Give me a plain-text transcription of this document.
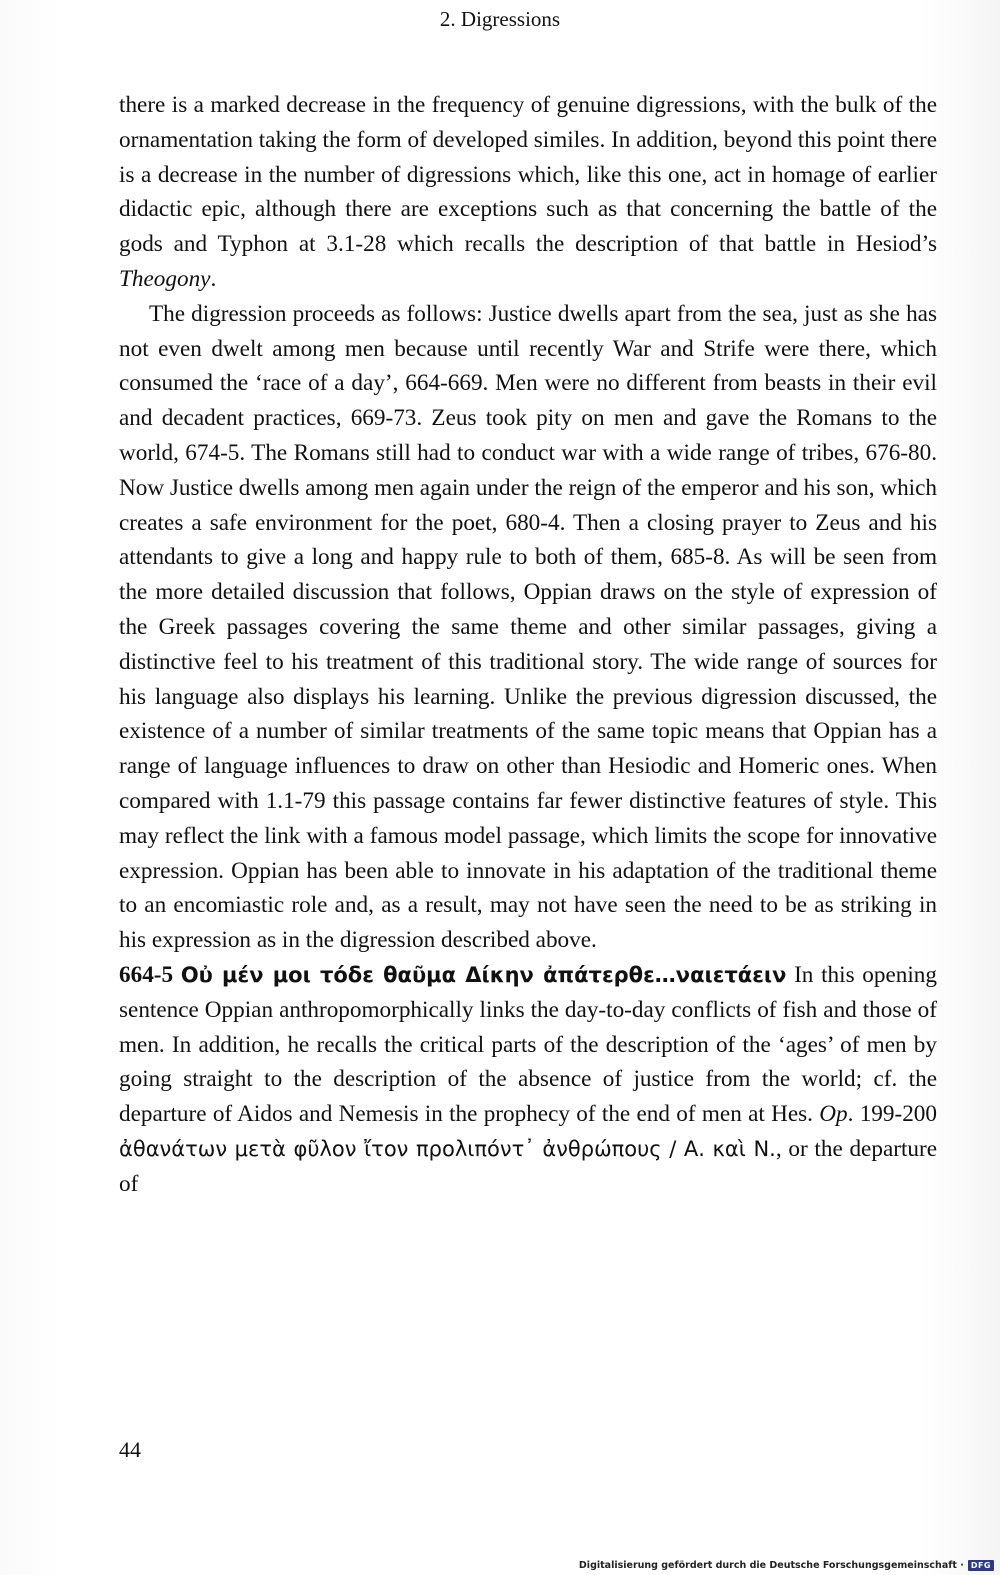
2. Digressions

there is a marked decrease in the frequency of genuine digressions, with the bulk of the ornamentation taking the form of developed similes. In addition, beyond this point there is a decrease in the number of digressions which, like this one, act in homage of earlier didactic epic, although there are exceptions such as that concerning the battle of the gods and Typhon at 3.1-28 which recalls the description of that battle in Hesiod’s Theogony.

The digression proceeds as follows: Justice dwells apart from the sea, just as she has not even dwelt among men because until recently War and Strife were there, which consumed the ‘race of a day’, 664-669. Men were no different from beasts in their evil and decadent practices, 669-73. Zeus took pity on men and gave the Romans to the world, 674-5. The Romans still had to conduct war with a wide range of tribes, 676-80. Now Justice dwells among men again under the reign of the emperor and his son, which creates a safe environment for the poet, 680-4. Then a closing prayer to Zeus and his attendants to give a long and happy rule to both of them, 685-8. As will be seen from the more detailed discussion that follows, Oppian draws on the style of expression of the Greek passages covering the same theme and other similar passages, giving a distinctive feel to his treatment of this traditional story. The wide range of sources for his language also displays his learning. Unlike the previous digression discussed, the existence of a number of similar treatments of the same topic means that Oppian has a range of language influences to draw on other than Hesiodic and Homeric ones. When compared with 1.1-79 this passage contains far fewer distinctive features of style. This may reflect the link with a famous model passage, which limits the scope for innovative expression. Oppian has been able to innovate in his adaptation of the traditional theme to an encomiastic role and, as a result, may not have seen the need to be as striking in his expression as in the digression described above.

664-5 Οὐ μέν μοι τόδε θαῦμα Δίκην ἀπάτερθε…ναιετάειν In this opening sentence Oppian anthropomorphically links the day-to-day conflicts of fish and those of men. In addition, he recalls the critical parts of the description of the ‘ages’ of men by going straight to the description of the absence of justice from the world; cf. the departure of Aidos and Nemesis in the prophecy of the end of men at Hes. Op. 199-200 ἀθανάτων μετὰ φῦλον ἴτον προλιπόντ᾽ ἀνθρώπους / Α. καὶ Ν., or the departure of

44
Digitalisierung gefördert durch die Deutsche Forschungsgemeinschaft · DFG
